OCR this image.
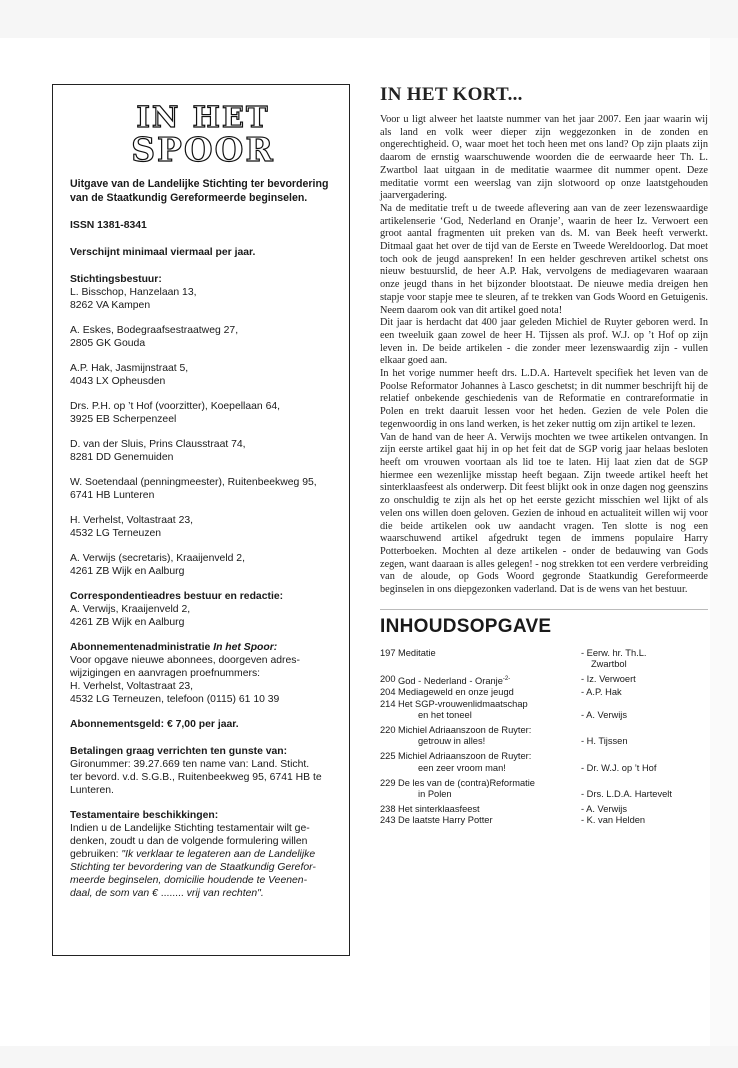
IN HET
SPOOR
Uitgave van de Landelijke Stichting ter bevordering van de Staatkundig Gereformeerde beginselen.
ISSN 1381-8341
Verschijnt minimaal viermaal per jaar.
Stichtingsbestuur:
L. Bisschop, Hanzelaan 13,
8262 VA Kampen
A. Eskes, Bodegraafsestraatweg 27,
2805 GK Gouda
A.P. Hak, Jasmijnstraat 5,
4043 LX Opheusden
Drs. P.H. op ’t Hof (voorzitter), Koepellaan 64,
3925 EB Scherpenzeel
D. van der Sluis, Prins Clausstraat 74,
8281 DD Genemuiden
W. Soetendaal (penningmeester), Ruitenbeekweg 95,
6741 HB Lunteren
H. Verhelst, Voltastraat 23,
4532 LG Terneuzen
A. Verwijs (secretaris), Kraaijenveld 2,
4261 ZB Wijk en Aalburg
Correspondentieadres bestuur en redactie:
A. Verwijs, Kraaijenveld 2,
4261 ZB Wijk en Aalburg
Abonnementenadministratie In het Spoor:
Voor opgave nieuwe abonnees, doorgeven adres-
wijzigingen en aanvragen proefnummers:
H. Verhelst, Voltastraat 23,
4532 LG Terneuzen, telefoon (0115) 61 10 39
Abonnementsgeld: € 7,00 per jaar.
Betalingen graag verrichten ten gunste van:
Gironummer: 39.27.669 ten name van: Land. Sticht.
ter bevord. v.d. S.G.B., Ruitenbeekweg 95, 6741 HB te
Lunteren.
Testamentaire beschikkingen:
Indien u de Landelijke Stichting testamentair wilt ge-
denken, zoudt u dan de volgende formulering willen
gebruiken: "Ik verklaar te legateren aan de Landelijke
Stichting ter bevordering van de Staatkundig Gerefor-
meerde beginselen, domicilie houdende te Veenen-
daal, de som van € ........ vrij van rechten".
IN HET KORT...

Voor u ligt alweer het laatste nummer van het jaar 2007. Een jaar waarin wij als land en volk weer dieper zijn weggezonken in de zonden en ongerechtigheid. O, waar moet het toch heen met ons land? Op zijn plaats zijn daarom de ernstig waarschuwende woorden die de eerwaarde heer Th. L. Zwartbol laat uitgaan in de meditatie waarmee dit nummer opent. Deze meditatie vormt een weerslag van zijn slotwoord op onze laatstgehouden jaarvergadering.

Na de meditatie treft u de tweede aflevering aan van de zeer lezenswaardige artikelenserie ‘God, Nederland en Oranje’, waarin de heer Iz. Verwoert een groot aantal fragmenten uit preken van ds. M. van Beek heeft verwerkt. Ditmaal gaat het over de tijd van de Eerste en Tweede Wereldoorlog. Dat moet toch ook de jeugd aanspreken! In een helder geschreven artikel schetst ons nieuw bestuurslid, de heer A.P. Hak, vervolgens de mediagevaren waaraan onze jeugd thans in het bijzonder blootstaat. De nieuwe media dreigen hen stapje voor stapje mee te sleuren, af te trekken van Gods Woord en Getuigenis. Neem daarom ook van dit artikel goed nota!

Dit jaar is herdacht dat 400 jaar geleden Michiel de Ruyter geboren werd. In een tweeluik gaan zowel de heer H. Tijssen als prof. W.J. op ’t Hof op zijn leven in. De beide artikelen - die zonder meer lezenswaardig zijn - vullen elkaar goed aan.

In het vorige nummer heeft drs. L.D.A. Hartevelt specifiek het leven van de Poolse Reformator Johannes à Lasco geschetst; in dit nummer beschrijft hij de relatief onbekende geschiedenis van de Reformatie en contrareformatie in Polen en trekt daaruit lessen voor het heden. Gezien de vele Polen die tegenwoordig in ons land werken, is het zeker nuttig om zijn artikel te lezen.

Van de hand van de heer A. Verwijs mochten we twee artikelen ontvangen. In zijn eerste artikel gaat hij in op het feit dat de SGP vorig jaar helaas besloten heeft om vrouwen voortaan als lid toe te laten. Hij laat zien dat de SGP hiermee een wezenlijke misstap heeft begaan. Zijn tweede artikel heeft het sinterklaasfeest als onderwerp. Dit feest blijkt ook in onze dagen nog geenszins zo onschuldig te zijn als het op het eerste gezicht misschien wel lijkt of als velen ons willen doen geloven. Gezien de inhoud en actualiteit willen wij voor die beide artikelen ook uw aandacht vragen. Ten slotte is nog een waarschuwend artikel afgedrukt tegen de immens populaire Harry Potterboeken. Mochten al deze artikelen - onder de bedauwing van Gods zegen, want daaraan is alles gelegen! - nog strekken tot een verdere verbreiding van de aloude, op Gods Woord gegronde Staatkundig Gereformeerde beginselen in ons diepgezonken vaderland. Dat is de wens van het bestuur.

INHOUDSOPGAVE
197 Meditatie	- Eerw. hr. Th.L.
Zwartbol
200 God - Nederland - Oranje$^{-2-}$	- Iz. Verwoert
204 Mediageweld en onze jeugd	- A.P. Hak
214 Het SGP-vrouwenlidmaatschap
en het toneel	- A. Verwijs
220 Michiel Adriaanszoon de Ruyter:
getrouw in alles!	- H. Tijssen
225 Michiel Adriaanszoon de Ruyter:
een zeer vroom man!	- Dr. W.J. op ’t Hof
229 De les van de (contra)Reformatie
in Polen	- Drs. L.D.A. Hartevelt
238 Het sinterklaasfeest	- A. Verwijs
243 De laatste Harry Potter	- K. van Helden
